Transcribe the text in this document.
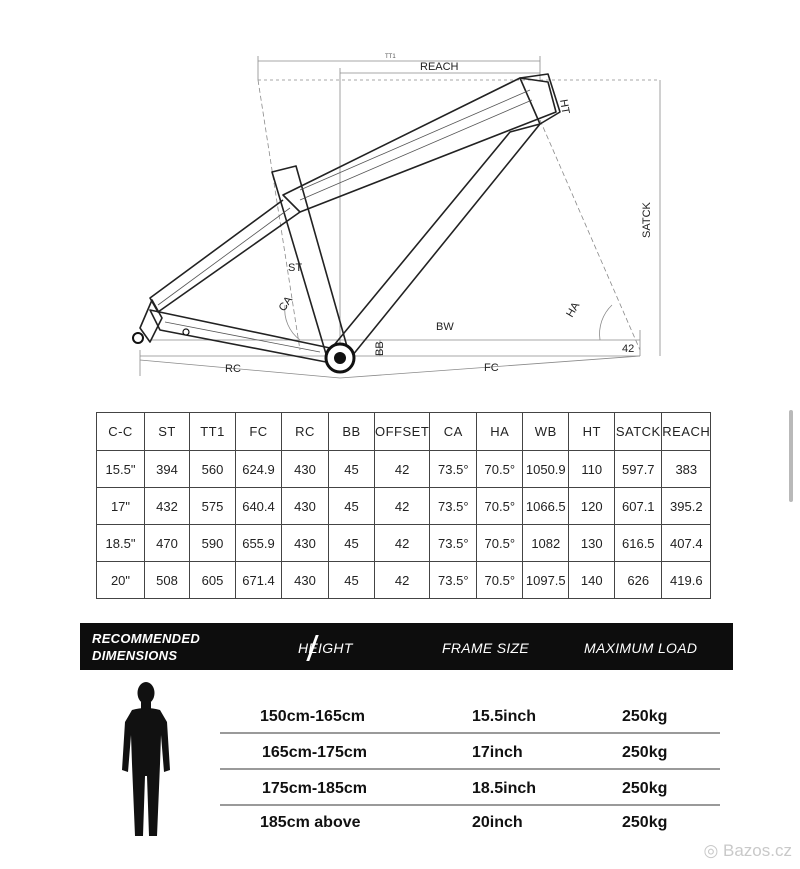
TT1
REACH
HT
SATCK
ST
CA	HA
BW
BB
RC	FC
42
C-C	ST	TT1	FC	RC	BB	OFFSET	CA	HA	WB	HT	SATCK	REACH
15.5"	394	560	624.9	430	45	42	73.5°	70.5°	1050.9	110	597.7	383
17"	432	575	640.4	430	45	42	73.5°	70.5°	1066.5	120	607.1	395.2
18.5"	470	590	655.9	430	45	42	73.5°	70.5°	1082	130	616.5	407.4
20"	508	605	671.4	430	45	42	73.5°	70.5°	1097.5	140	626	419.6
RECOMMENDED
DIMENSIONS	HEIGHT	FRAME SIZE	MAXIMUM LOAD
150cm-165cm	15.5inch	250kg
165cm-175cm	17inch	250kg
175cm-185cm	18.5inch	250kg
185cm above	20inch	250kg
◎ Bazos.cz
